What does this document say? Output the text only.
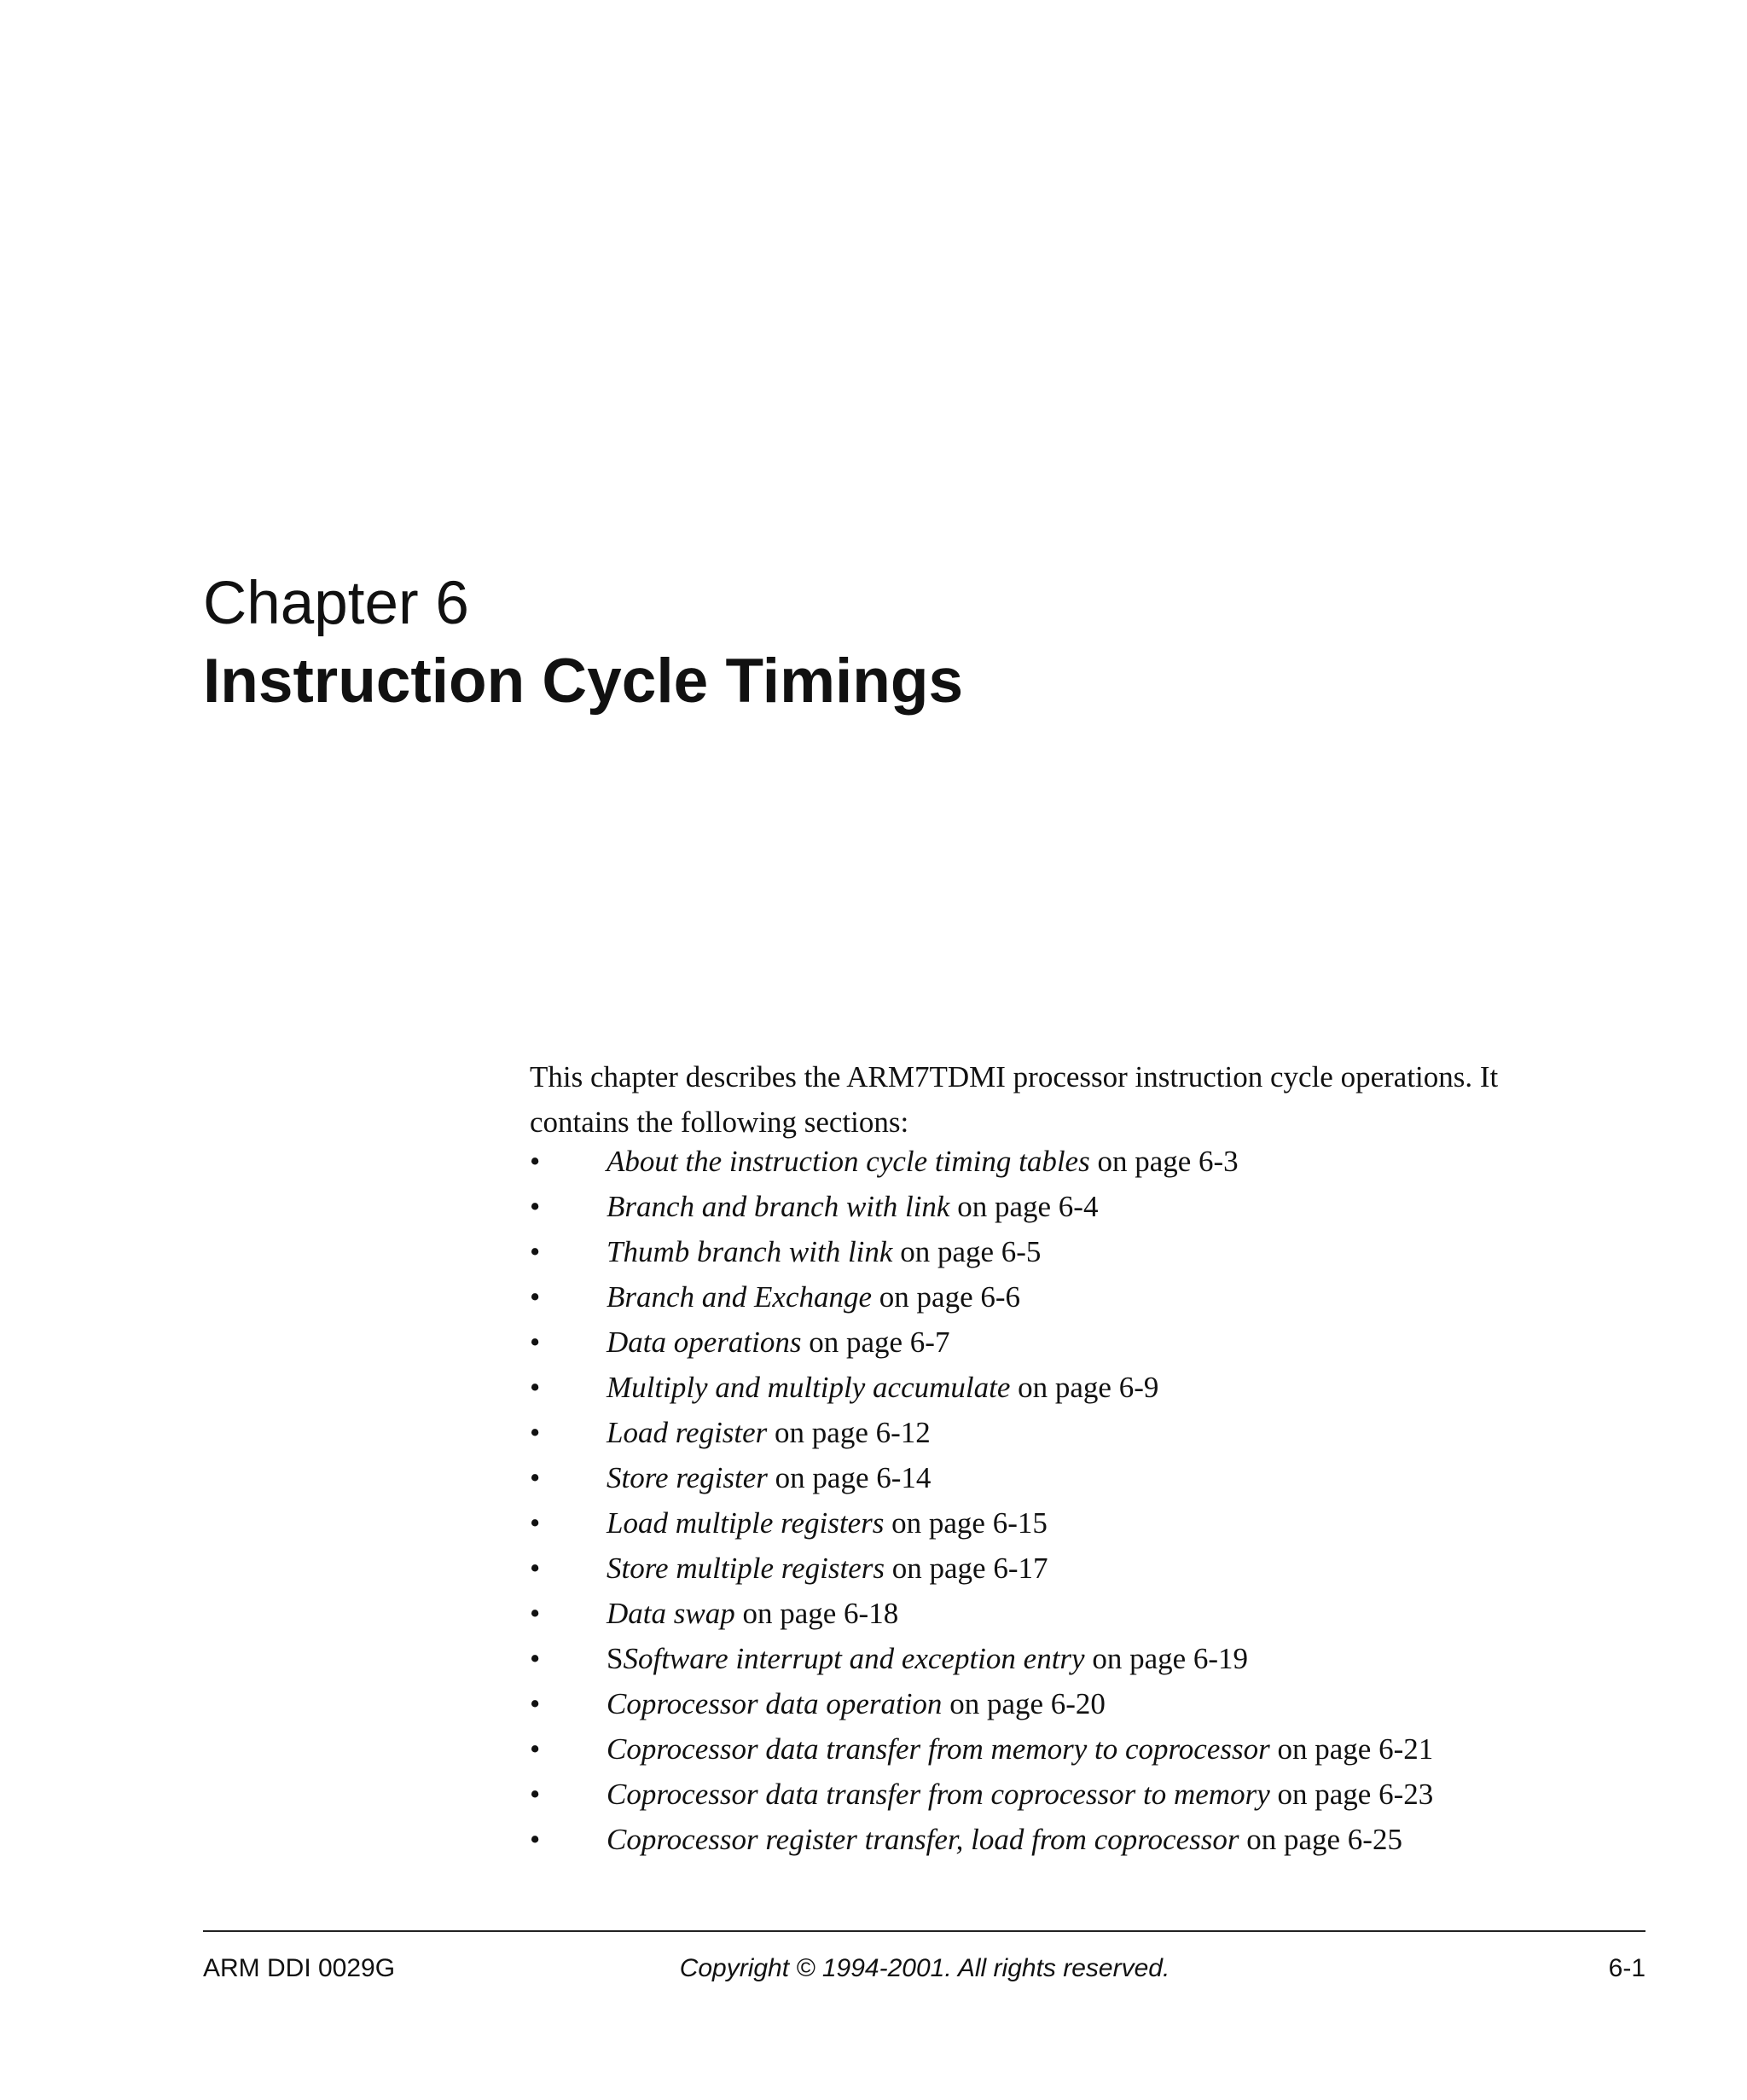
Chapter 6
Instruction Cycle Timings

This chapter describes the ARM7TDMI processor instruction cycle operations. It
contains the following sections:

• About the instruction cycle timing tables on page 6-3
• Branch and branch with link on page 6-4
• Thumb branch with link on page 6-5
• Branch and Exchange on page 6-6
• Data operations on page 6-7
• Multiply and multiply accumulate on page 6-9
• Load register on page 6-12
• Store register on page 6-14
• Load multiple registers on page 6-15
• Store multiple registers on page 6-17
• Data swap on page 6-18
• SSoftware interrupt and exception entry on page 6-19
• Coprocessor data operation on page 6-20
• Coprocessor data transfer from memory to coprocessor on page 6-21
• Coprocessor data transfer from coprocessor to memory on page 6-23
• Coprocessor register transfer, load from coprocessor on page 6-25
ARM DDI 0029G	Copyright © 1994-2001. All rights reserved.	6-1
